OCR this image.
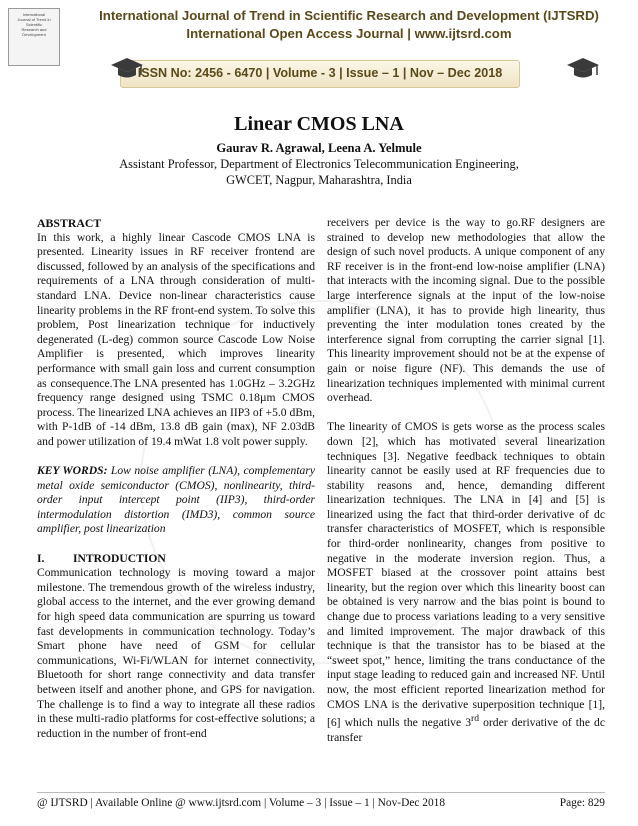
International
Journal of Trend in
Scientific
Research and
Development
International Journal of Trend in Scientific Research and Development (IJTSRD)
International Open Access Journal | www.ijtsrd.com
ISSN No: 2456 - 6470 | Volume - 3 | Issue – 1 | Nov – Dec 2018
Linear CMOS LNA
Gaurav R. Agrawal, Leena A. Yelmule
Assistant Professor, Department of Electronics Telecommunication Engineering,
GWCET, Nagpur, Maharashtra, India

ABSTRACT

In this work, a highly linear Cascode CMOS LNA is presented. Linearity issues in RF receiver frontend are discussed, followed by an analysis of the specifications and requirements of a LNA through consideration of multi-standard LNA. Device non-linear characteristics cause linearity problems in the RF front-end system. To solve this problem, Post linearization technique for inductively degenerated (L-deg) common source Cascode Low Noise Amplifier is presented, which improves linearity performance with small gain loss and current consumption as consequence.The LNA presented has 1.0GHz – 3.2GHz frequency range designed using TSMC 0.18µm CMOS process. The linearized LNA achieves an IIP3 of +5.0 dBm, with P-1dB of -14 dBm, 13.8 dB gain (max), NF 2.03dB and power utilization of 19.4 mWat 1.8 volt power supply.

KEY WORDS: Low noise amplifier (LNA), complementary metal oxide semiconductor (CMOS), nonlinearity, third-order input intercept point (IIP3), third-order intermodulation distortion (IMD3), common source amplifier, post linearization

I. INTRODUCTION

Communication technology is moving toward a major milestone. The tremendous growth of the wireless industry, global access to the internet, and the ever growing demand for high speed data communication are spurring us toward fast developments in communication technology. Today’s Smart phone have need of GSM for cellular communications, Wi-Fi/WLAN for internet connectivity, Bluetooth for short range connectivity and data transfer between itself and another phone, and GPS for navigation. The challenge is to find a way to integrate all these radios in these multi-radio platforms for cost-effective solutions; a reduction in the number of front-end

receivers per device is the way to go.RF designers are strained to develop new methodologies that allow the design of such novel products. A unique component of any RF receiver is in the front-end low-noise amplifier (LNA) that interacts with the incoming signal. Due to the possible large interference signals at the input of the low-noise amplifier (LNA), it has to provide high linearity, thus preventing the inter modulation tones created by the interference signal from corrupting the carrier signal [1]. This linearity improvement should not be at the expense of gain or noise figure (NF). This demands the use of linearization techniques implemented with minimal current overhead.

The linearity of CMOS is gets worse as the process scales down [2], which has motivated several linearization techniques [3]. Negative feedback techniques to obtain linearity cannot be easily used at RF frequencies due to stability reasons and, hence, demanding different linearization techniques. The LNA in [4] and [5] is linearized using the fact that third-order derivative of dc transfer characteristics of MOSFET, which is responsible for third-order nonlinearity, changes from positive to negative in the moderate inversion region. Thus, a MOSFET biased at the crossover point attains best linearity, but the region over which this linearity boost can be obtained is very narrow and the bias point is bound to change due to process variations leading to a very sensitive and limited improvement. The major drawback of this technique is that the transistor has to be biased at the “sweet spot,” hence, limiting the trans conductance of the input stage leading to reduced gain and increased NF. Until now, the most efficient reported linearization method for CMOS LNA is the derivative superposition technique [1], [6] which nulls the negative 3rd order derivative of the dc transfer

@ IJTSRD | Available Online @ www.ijtsrd.com | Volume – 3 | Issue – 1 | Nov-Dec 2018	Page: 829
